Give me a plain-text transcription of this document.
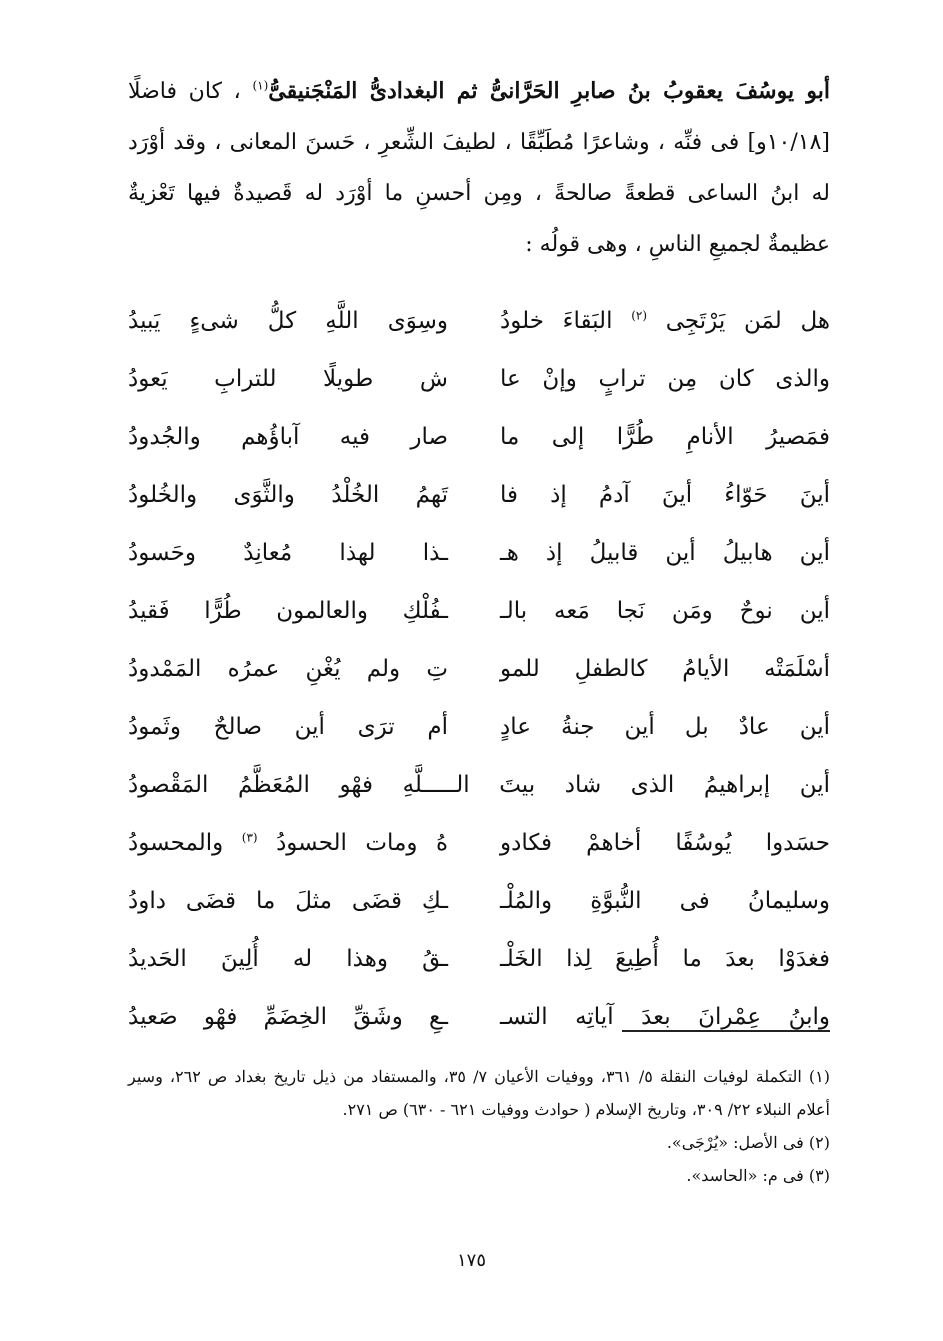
أبو يوسُفَ يعقوبُ بنُ صابرِ الحَرَّانىُّ ثم البغدادىُّ المَنْجَنيقىُّ$^{(١)}$ ، كان فاضلًا [١٠/١٨و] فى فنِّه ، وشاعرًا مُطَبِّقًا ، لطيفَ الشِّعرِ ، حَسنَ المعانى ، وقد أوْرَد له ابنُ الساعى قطعةً صالحةً ، ومِن أحسنِ ما أوْرَد له قَصيدةٌ فيها تَعْزيةٌ عظيمةٌ لجميعِ الناسِ ، وهى قولُه :
هل لمَن يَرْتَجِى $^{(٢)}$ البَقاءَ خلودُ
وسِوَى اللَّهِ كلُّ شىءٍ يَبيدُ
والذى كان مِن ترابٍ وإنْ عا
ش طويلًا للترابِ يَعودُ
فمَصيرُ الأنامِ طُرًّا إلى ما
صار فيه آباؤُهم والجُدودُ
أينَ حَوّاءُ أينَ آدمُ إذ فا
تَهمُ الخُلْدُ والثَّوَى والخُلودُ
أين هابيلُ أين قابيلُ إذ هـ
ـذا لهذا مُعانِدٌ وحَسودُ
أين نوحٌ ومَن نَجا مَعه بالـ
ـفُلْكِ والعالمون طُرًّا فَقيدُ
أسْلَمَتْه الأيامُ كالطفلِ للمو
تِ ولم يُغْنِ عمرُه المَمْدودُ
أين عادٌ بل أين جنةُ عادٍ
أم ترَى أين صالحٌ وثَمودُ
أين إبراهيمُ الذى شاد بيتَ الـــــلَّهِ فهْو المُعَظَّمُ المَقْصودُ
حسَدوا يُوسُفًا أخاهمْ فكادو
هُ ومات الحسودُ $^{(٣)}$ والمحسودُ
وسليمانُ فى النُّبوَّةِ والمُلْـ
ـكِ قضَى مثلَ ما قضَى داودُ
فغدَوْا بعدَ ما أُطِيعَ لِذا الخَلْـ
ـقُ وهذا له أُلِينَ الحَديدُ
وابنُ عِمْرانَ بعدَ آياتِه التسـ
ـعِ وشَقِّ الخِضَمِّ فهْو صَعيدُ

(١) التكملة لوفيات النقلة ٥/ ٣٦١، ووفيات الأعيان ٧/ ٣٥، والمستفاد من ذيل تاريخ بغداد ص ٢٦٢، وسير أعلام النبلاء ٢٢/ ٣٠٩، وتاريخ الإسلام ( حوادث ووفيات ٦٢١ - ٦٣٠) ص ٢٧١.

(٢) فى الأصل: «يُرْجَى».

(٣) فى م: «الحاسد».

١٧٥
